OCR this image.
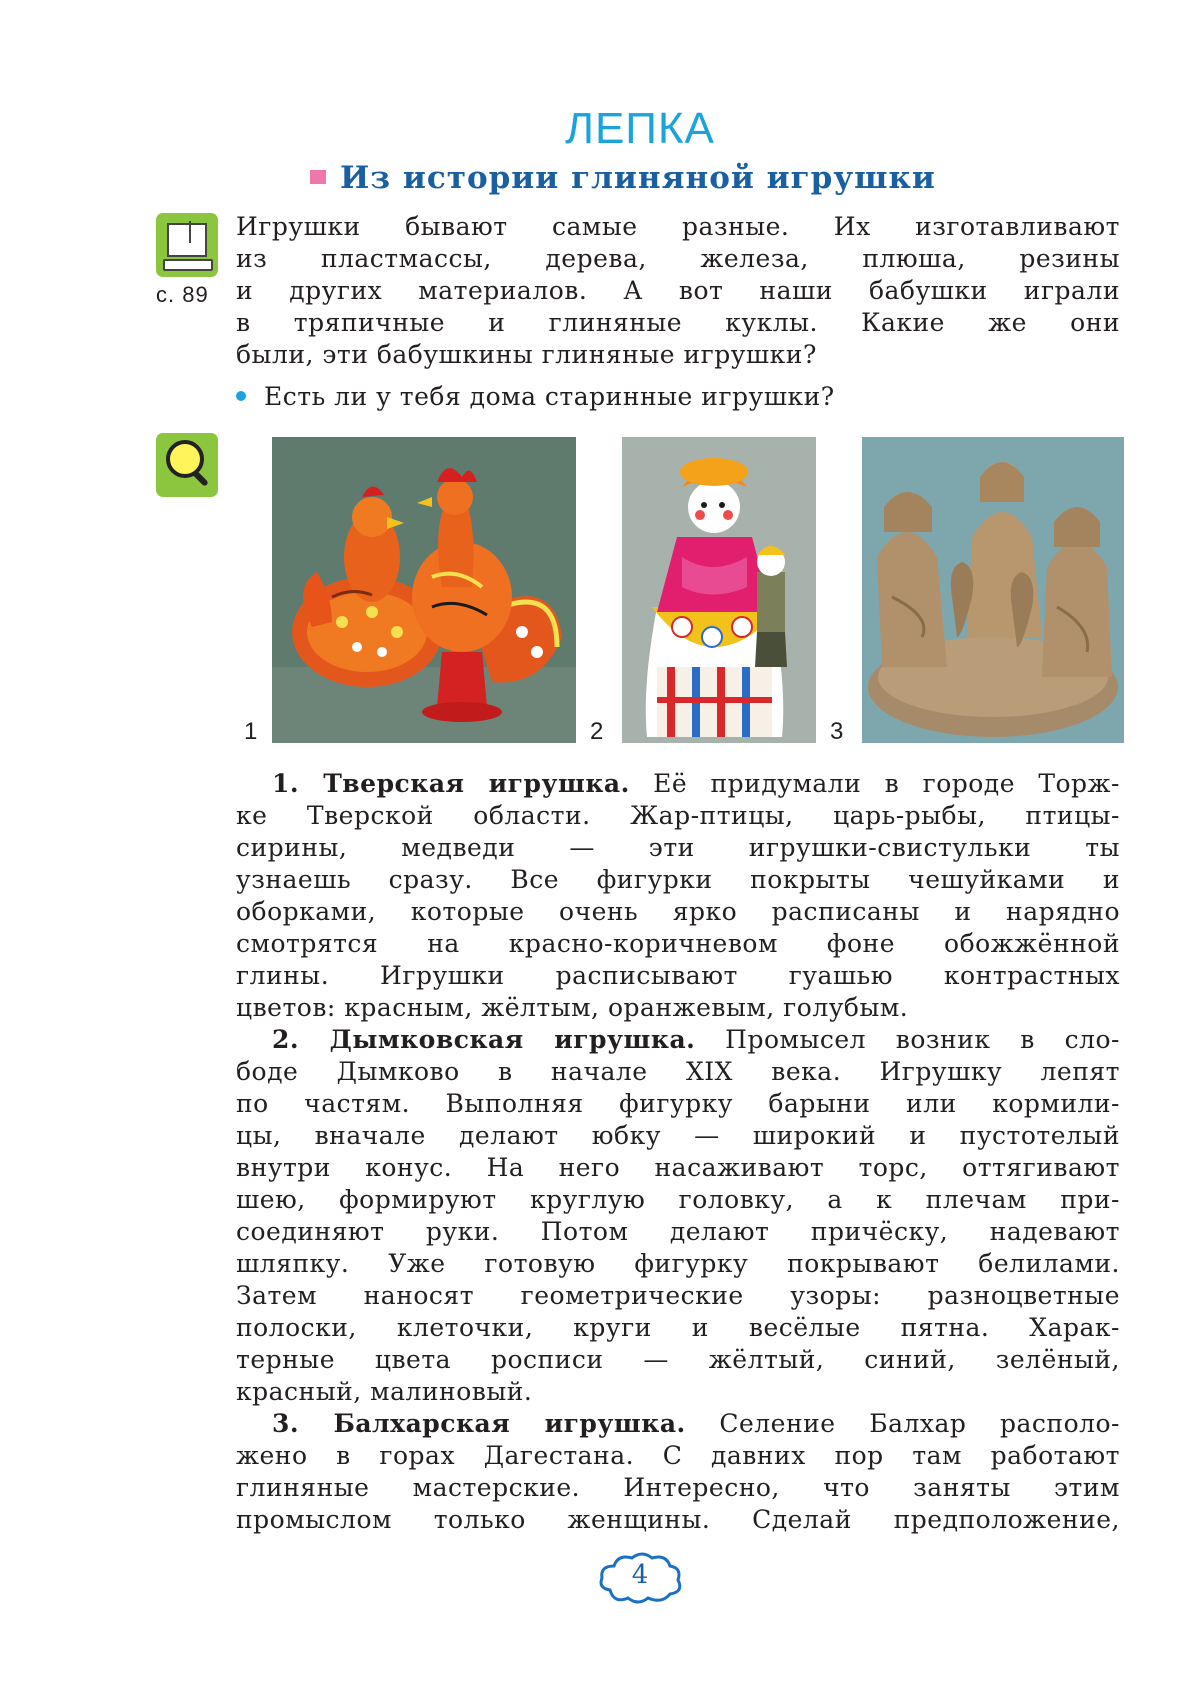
ЛЕПКА
Из истории глиняной игрушки
с. 89
Игрушки бывают самые разные. Их изготавливают
из пластмассы, дерева, железа, плюша, резины
и других материалов. А вот наши бабушки играли
в тряпичные и глиняные куклы. Какие же они
были, эти бабушкины глиняные игрушки?
Есть ли у тебя дома старинные игрушки?
1	2	3
1. Тверская игрушка. Её придумали в городе Торж-
ке Тверской области. Жар-птицы, царь-рыбы, птицы-
сирины, медведи — эти игрушки-свистульки ты
узнаешь сразу. Все фигурки покрыты чешуйками и
оборками, которые очень ярко расписаны и нарядно
смотрятся на красно-коричневом фоне обожжённой
глины. Игрушки расписывают гуашью контрастных
цветов: красным, жёлтым, оранжевым, голубым.
2. Дымковская игрушка. Промысел возник в сло-
боде Дымково в начале XIX века. Игрушку лепят
по частям. Выполняя фигурку барыни или кормили-
цы, вначале делают юбку — широкий и пустотелый
внутри конус. На него насаживают торс, оттягивают
шею, формируют круглую головку, а к плечам при-
соединяют руки. Потом делают причёску, надевают
шляпку. Уже готовую фигурку покрывают белилами.
Затем наносят геометрические узоры: разноцветные
полоски, клеточки, круги и весёлые пятна. Харак-
терные цвета росписи — жёлтый, синий, зелёный,
красный, малиновый.
3. Балхарская игрушка. Селение Балхар располо-
жено в горах Дагестана. С давних пор там работают
глиняные мастерские. Интересно, что заняты этим
промыслом только женщины. Сделай предположение,
4
